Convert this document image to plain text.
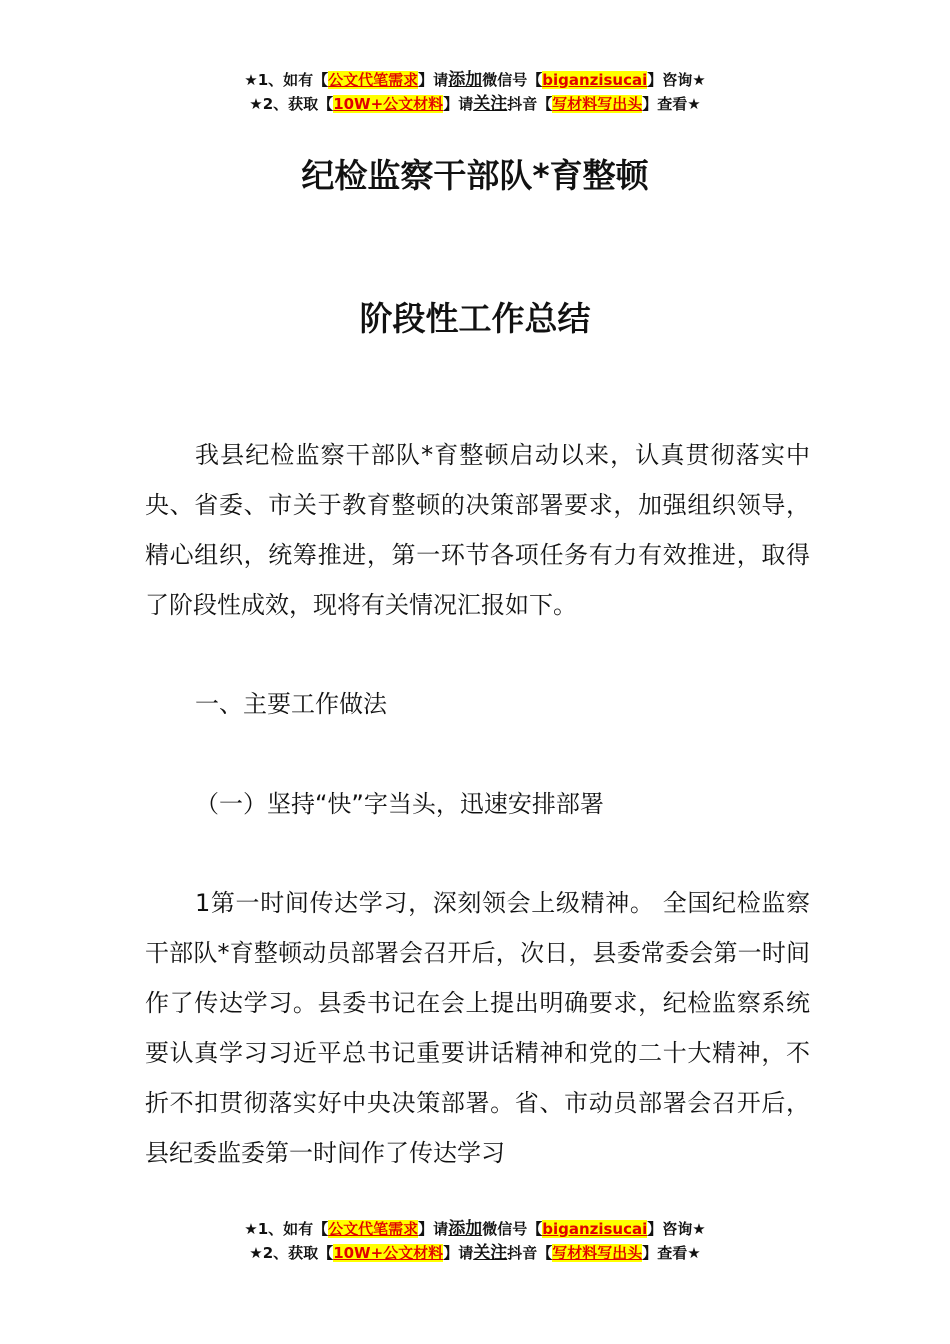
★1、如有【公文代笔需求】请添加微信号【biganzisucai】咨询★
★2、获取【10W+公文材料】请关注抖音【写材料写出头】查看★
纪检监察干部队*育整顿
阶段性工作总结
我县纪检监察干部队*育整顿启动以来，认真贯彻落实中央、省委、市关于教育整顿的决策部署要求，加强组织领导，精心组织，统筹推进，第一环节各项任务有力有效推进，取得了阶段性成效，现将有关情况汇报如下。
一、主要工作做法
（一）坚持“快”字当头，迅速安排部署
1第一时间传达学习，深刻领会上级精神。 全国纪检监察干部队*育整顿动员部署会召开后，次日，县委常委会第一时间作了传达学习。县委书记在会上提出明确要求，纪检监察系统要认真学习习近平总书记重要讲话精神和党的二十大精神，不折不扣贯彻落实好中央决策部署。省、市动员部署会召开后，县纪委监委第一时间作了传达学习
★1、如有【公文代笔需求】请添加微信号【biganzisucai】咨询★
★2、获取【10W+公文材料】请关注抖音【写材料写出头】查看★
